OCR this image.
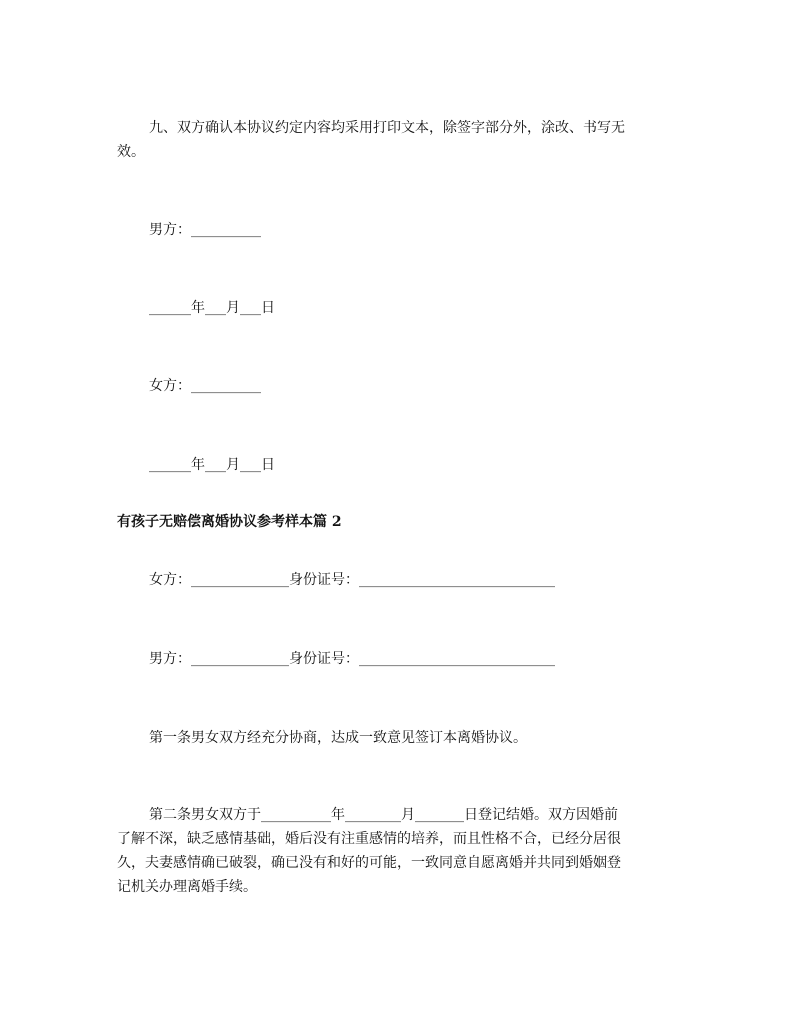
九、双方确认本协议约定内容均采用打印文本，除签字部分外，涂改、书写无
效。
男方：__________
______年___月___日
女方：__________
______年___月___日
有孩子无赔偿离婚协议参考样本篇 2
女方：______________身份证号：____________________________
男方：______________身份证号：____________________________
第一条男女双方经充分协商，达成一致意见签订本离婚协议。
第二条男女双方于__________年________月_______日登记结婚。双方因婚前
了解不深，缺乏感情基础，婚后没有注重感情的培养，而且性格不合，已经分居很
久，夫妻感情确已破裂，确已没有和好的可能，一致同意自愿离婚并共同到婚姻登
记机关办理离婚手续。
